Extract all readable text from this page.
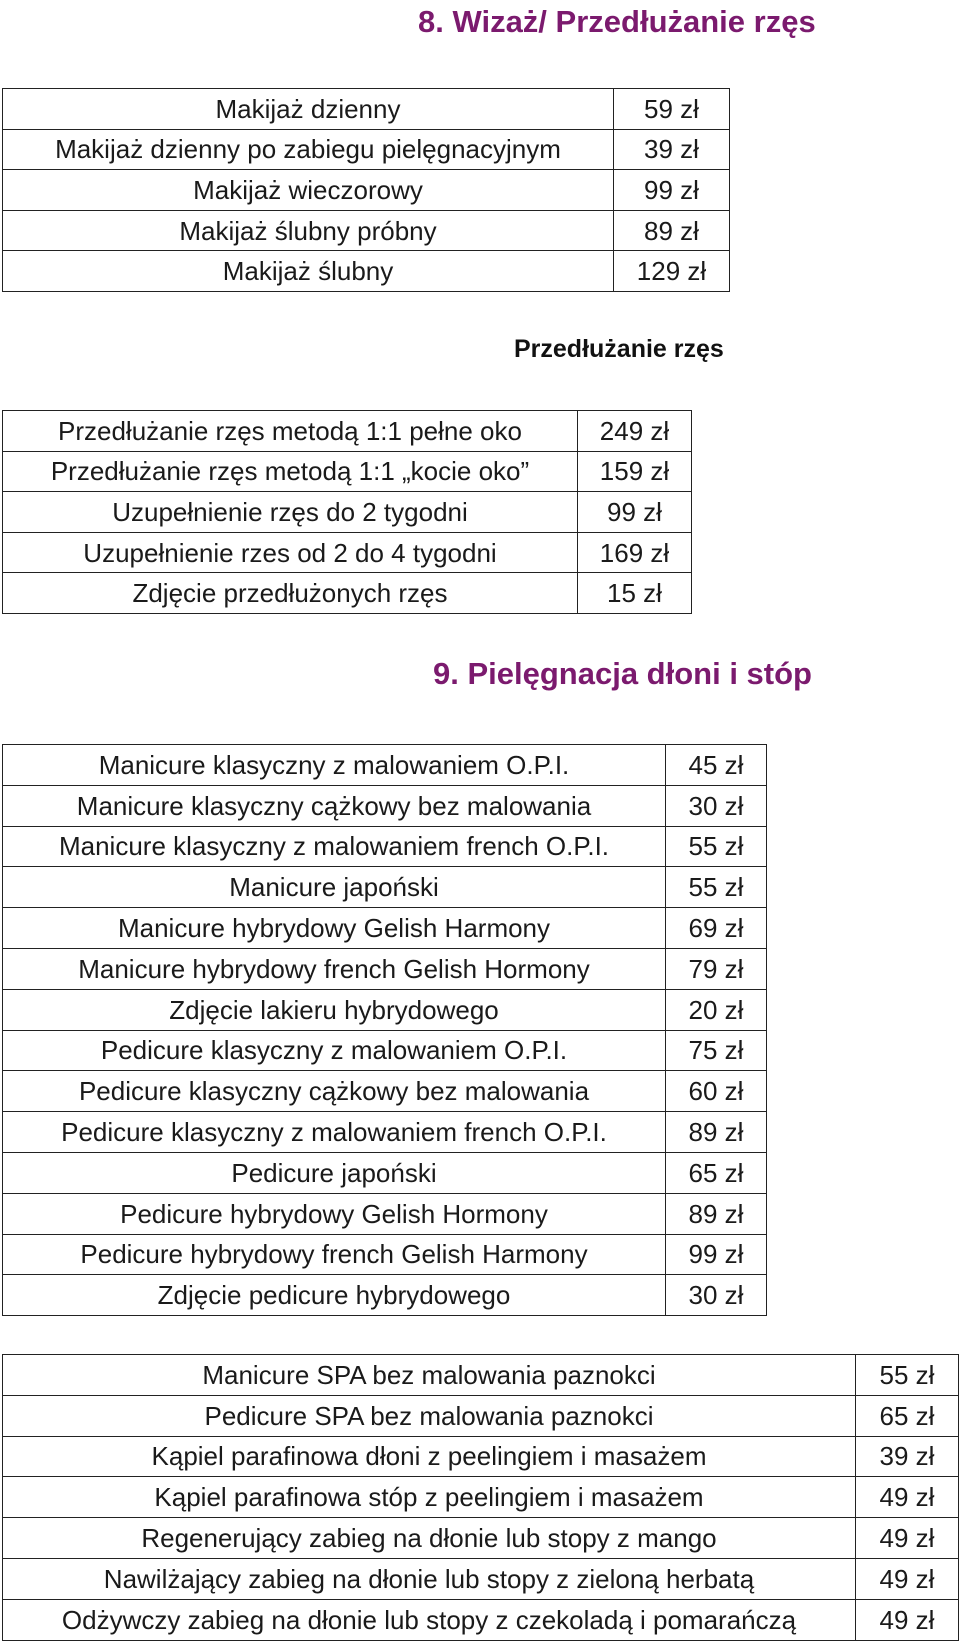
8. Wizaż/ Przedłużanie rzęs
Makijaż dzienny	59 zł
Makijaż dzienny po zabiegu pielęgnacyjnym	39 zł
Makijaż wieczorowy	99 zł
Makijaż ślubny próbny	89 zł
Makijaż ślubny	129 zł
Przedłużanie rzęs
Przedłużanie rzęs metodą 1:1 pełne oko	249 zł
Przedłużanie rzęs metodą 1:1 „kocie oko”	159 zł
Uzupełnienie rzęs do 2 tygodni	99 zł
Uzupełnienie rzes od 2 do 4 tygodni	169 zł
Zdjęcie przedłużonych rzęs	15 zł
9. Pielęgnacja dłoni i stóp
Manicure klasyczny z malowaniem O.P.I.	45 zł
Manicure klasyczny cążkowy bez malowania	30 zł
Manicure klasyczny z malowaniem french O.P.I.	55 zł
Manicure japoński	55 zł
Manicure hybrydowy Gelish Harmony	69 zł
Manicure hybrydowy french Gelish Hormony	79 zł
Zdjęcie lakieru hybrydowego	20 zł
Pedicure klasyczny z malowaniem O.P.I.	75 zł
Pedicure klasyczny cążkowy bez malowania	60 zł
Pedicure klasyczny z malowaniem french O.P.I.	89 zł
Pedicure japoński	65 zł
Pedicure hybrydowy Gelish Hormony	89 zł
Pedicure hybrydowy french Gelish Harmony	99 zł
Zdjęcie pedicure hybrydowego	30 zł
Manicure SPA bez malowania paznokci	55 zł
Pedicure SPA bez malowania paznokci	65 zł
Kąpiel parafinowa dłoni z peelingiem i masażem	39 zł
Kąpiel parafinowa stóp z peelingiem i masażem	49 zł
Regenerujący zabieg na dłonie lub stopy z mango	49 zł
Nawilżający zabieg na dłonie lub stopy z zieloną herbatą	49 zł
Odżywczy zabieg na dłonie lub stopy z czekoladą i pomarańczą	49 zł
